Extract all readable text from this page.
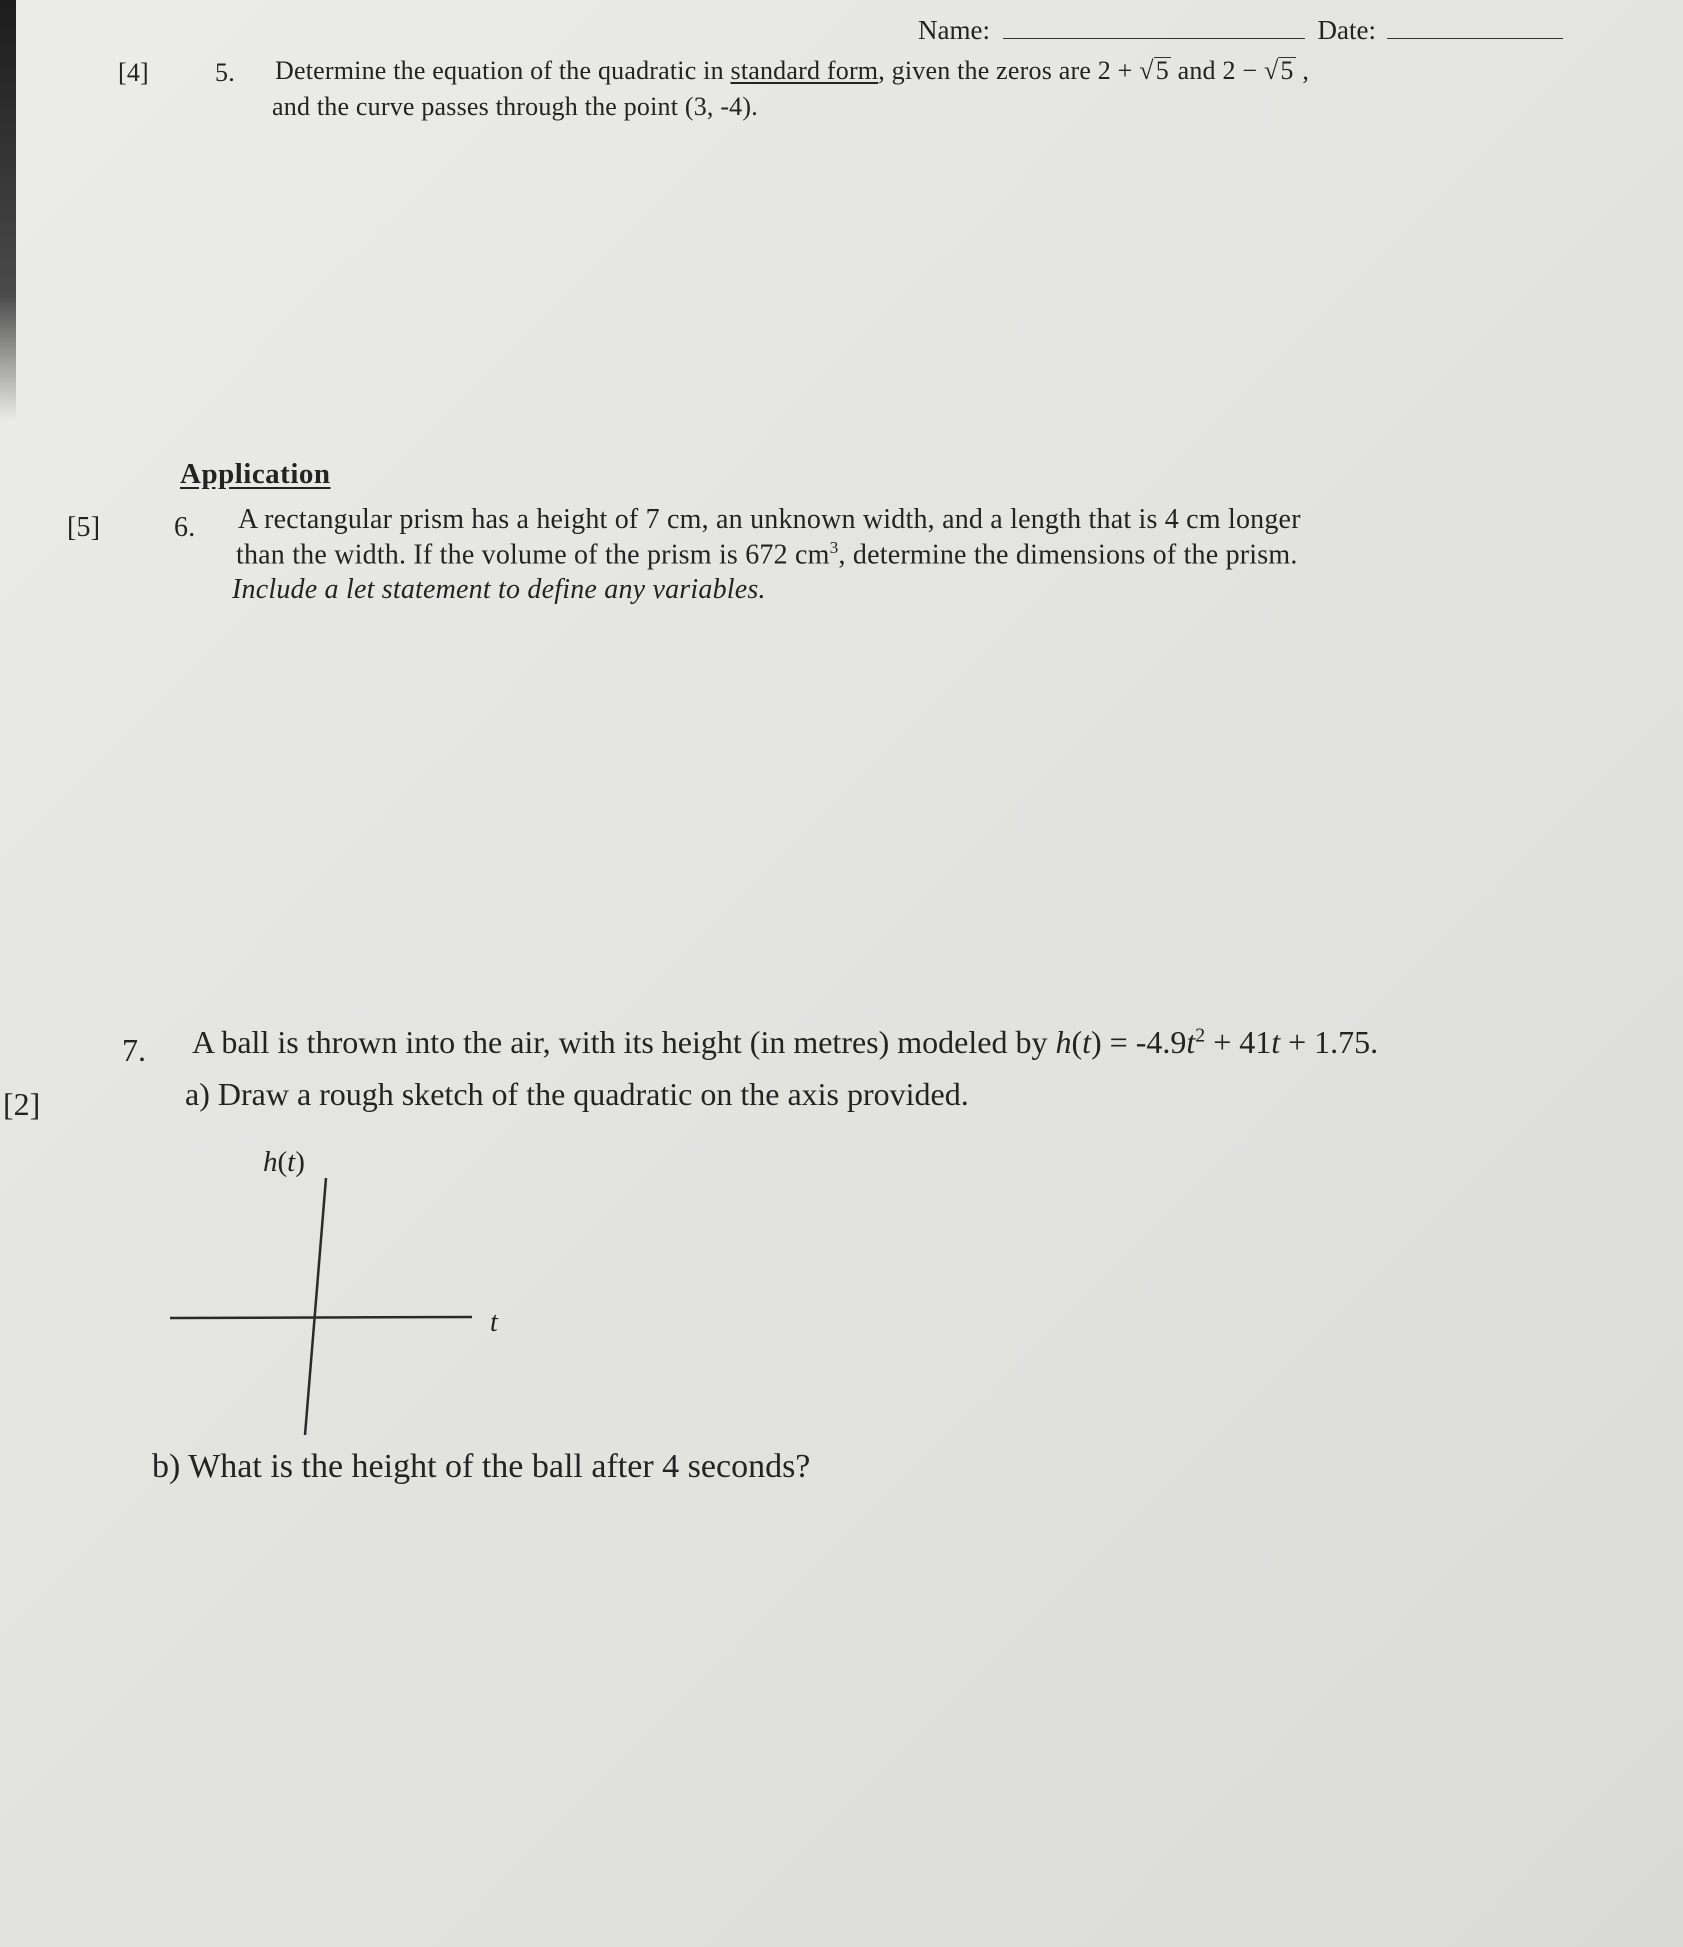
Name:	Date:
[4]	5. Determine the equation of the quadratic in standard form, given the zeros are 2 + √5 and 2 − √5 ,
and the curve passes through the point (3, -4).
Application
[5]	6. A rectangular prism has a height of 7 cm, an unknown width, and a length that is 4 cm longer
than the width. If the volume of the prism is 672 $cm^3$, determine the dimensions of the prism.
Include a let statement to define any variables.
7. A ball is thrown into the air, with its height (in metres) modeled by $h(t) = -4.9t^2 + 41t + 1.75$.
[2]	a) Draw a rough sketch of the quadratic on the axis provided.
h(t)
t
b) What is the height of the ball after 4 seconds?
